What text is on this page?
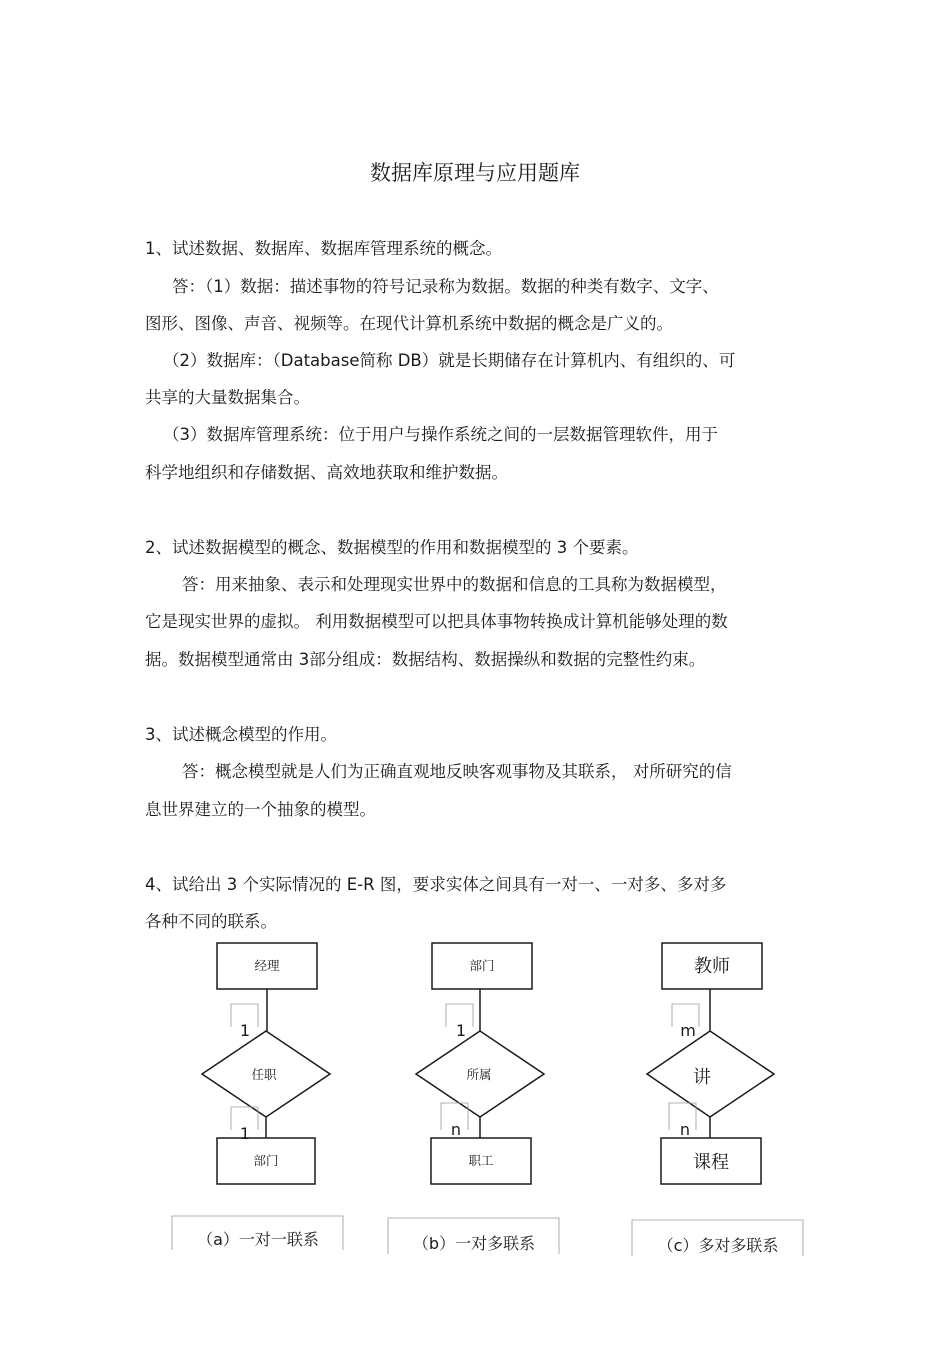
数据库原理与应用题库
1、试述数据、数据库、数据库管理系统的概念。
答：（1）数据：描述事物的符号记录称为数据。数据的种类有数字、文字、
图形、图像、声音、视频等。在现代计算机系统中数据的概念是广义的。
（2）数据库：（Database简称 DB）就是长期储存在计算机内、有组织的、可
共享的大量数据集合。
（3）数据库管理系统：位于用户与操作系统之间的一层数据管理软件，用于
科学地组织和存储数据、高效地获取和维护数据。
2、试述数据模型的概念、数据模型的作用和数据模型的 3 个要素。
答：用来抽象、表示和处理现实世界中的数据和信息的工具称为数据模型，
它是现实世界的虚拟。 利用数据模型可以把具体事物转换成计算机能够处理的数
据。数据模型通常由 3部分组成：数据结构、数据操纵和数据的完整性约束。
3、试述概念模型的作用。
答：概念模型就是人们为正确直观地反映客观事物及其联系， 对所研究的信
息世界建立的一个抽象的模型。
4、试给出 3 个实际情况的 E-R 图，要求实体之间具有一对一、一对多、多对多
各种不同的联系。
经理
任职
部门
1
1
部门
所属
职工
1
n
教师
讲
课程
m
n
（a）一对一联系	（b）一对多联系	（c）多对多联系
